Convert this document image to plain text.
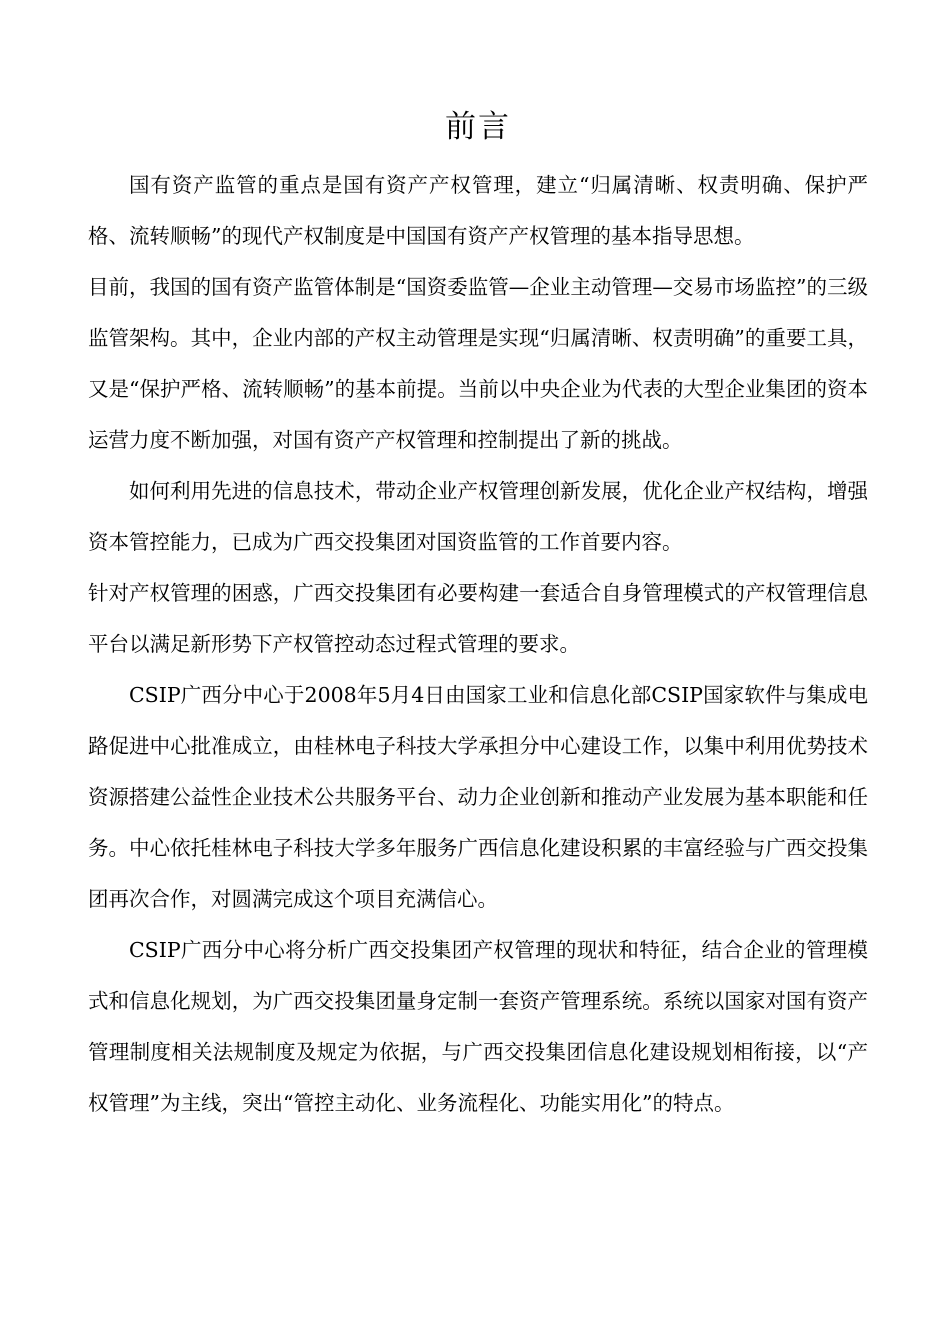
前言

国有资产监管的重点是国有资产产权管理，建立“归属清晰、权责明确、保护严格、流转顺畅”的现代产权制度是中国国有资产产权管理的基本指导思想。

目前，我国的国有资产监管体制是“国资委监管—企业主动管理—交易市场监控”的三级监管架构。其中，企业内部的产权主动管理是实现“归属清晰、权责明确”的重要工具，又是“保护严格、流转顺畅”的基本前提。当前以中央企业为代表的大型企业集团的资本运营力度不断加强，对国有资产产权管理和控制提出了新的挑战。

如何利用先进的信息技术，带动企业产权管理创新发展，优化企业产权结构，增强资本管控能力，已成为广西交投集团对国资监管的工作首要内容。

针对产权管理的困惑，广西交投集团有必要构建一套适合自身管理模式的产权管理信息平台以满足新形势下产权管控动态过程式管理的要求。

CSIP广西分中心于2008年5月4日由国家工业和信息化部CSIP国家软件与集成电路促进中心批准成立，由桂林电子科技大学承担分中心建设工作，以集中利用优势技术资源搭建公益性企业技术公共服务平台、动力企业创新和推动产业发展为基本职能和任务。中心依托桂林电子科技大学多年服务广西信息化建设积累的丰富经验与广西交投集团再次合作，对圆满完成这个项目充满信心。

CSIP广西分中心将分析广西交投集团产权管理的现状和特征，结合企业的管理模式和信息化规划，为广西交投集团量身定制一套资产管理系统。系统以国家对国有资产管理制度相关法规制度及规定为依据，与广西交投集团信息化建设规划相衔接，以“产权管理”为主线，突出“管控主动化、业务流程化、功能实用化”的特点。
